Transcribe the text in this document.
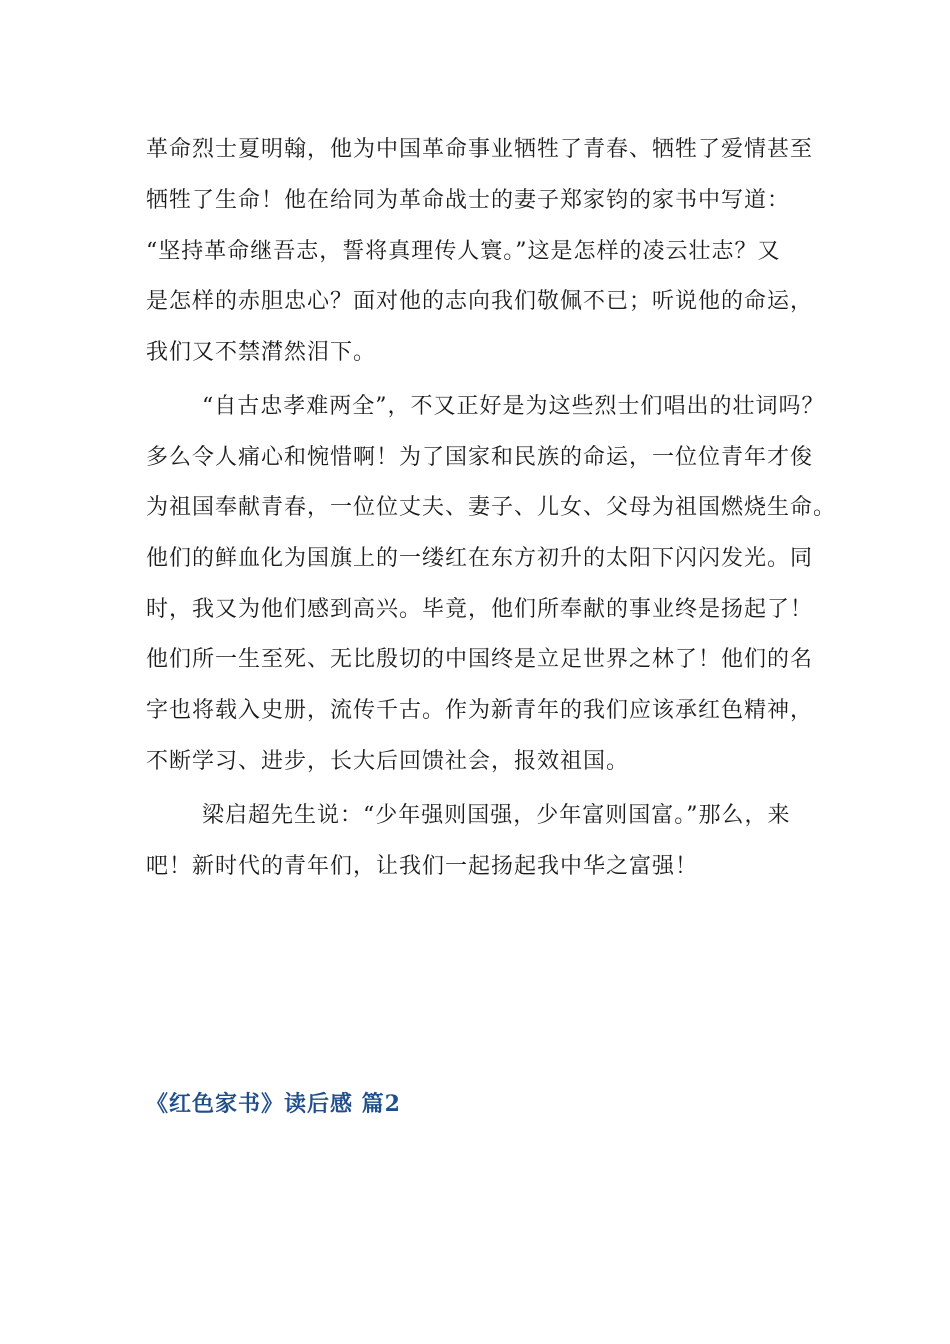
革命烈士夏明翰，他为中国革命事业牺牲了青春、牺牲了爱情甚至
牺牲了生命！他在给同为革命战士的妻子郑家钧的家书中写道：
“坚持革命继吾志，誓将真理传人寰。”这是怎样的凌云壮志？又
是怎样的赤胆忠心？面对他的志向我们敬佩不已；听说他的命运，
我们又不禁潸然泪下。
“自古忠孝难两全”，不又正好是为这些烈士们唱出的壮词吗？
多么令人痛心和惋惜啊！为了国家和民族的命运，一位位青年才俊
为祖国奉献青春，一位位丈夫、妻子、儿女、父母为祖国燃烧生命。
他们的鲜血化为国旗上的一缕红在东方初升的太阳下闪闪发光。同
时，我又为他们感到高兴。毕竟，他们所奉献的事业终是扬起了！
他们所一生至死、无比殷切的中国终是立足世界之林了！他们的名
字也将载入史册，流传千古。作为新青年的我们应该承红色精神，
不断学习、进步，长大后回馈社会，报效祖国。
梁启超先生说：“少年强则国强，少年富则国富。”那么，来
吧！新时代的青年们，让我们一起扬起我中华之富强！
《红色家书》读后感 篇2
